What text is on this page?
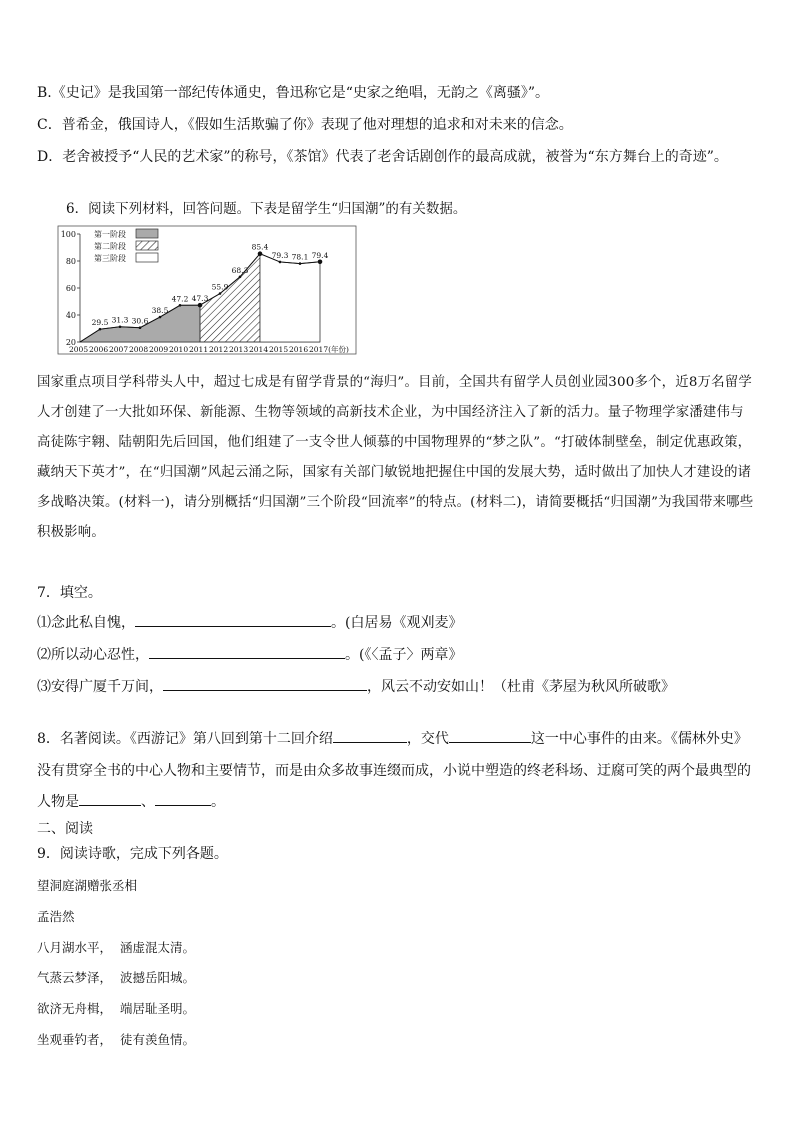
B.《史记》是我国第一部纪传体通史，鲁迅称它是“史家之绝唱，无韵之《离骚》”。
C．普希金，俄国诗人，《假如生活欺骗了你》表现了他对理想的追求和对未来的信念。
D．老舍被授予“人民的艺术家”的称号，《茶馆》代表了老舍话剧创作的最高成就，被誉为“东方舞台上的奇迹”。
6．阅读下列材料，回答问题。下表是留学生“归国潮”的有关数据。
20
40
60
80
100
29.5 31.3 30.6
38.5
47.2 47.3
55.9
68.3
85.4
79.3 78.1 79.4
2005 2006 2007 2008 2009 2010 2011 2012 2013 2014 2015 2016 2017(年份)
第一阶段
第二阶段
第三阶段
国家重点项目学科带头人中，超过七成是有留学背景的“海归”。目前，全国共有留学人员创业园300多个，近8万名留学人才创建了一大批如环保、新能源、生物等领域的高新技术企业，为中国经济注入了新的活力。量子物理学家潘建伟与高徒陈宇翱、陆朝阳先后回国，他们组建了一支令世人倾慕的中国物理界的“梦之队”。“打破体制壁垒，制定优惠政策，藏纳天下英才”，在“归国潮”风起云涌之际，国家有关部门敏锐地把握住中国的发展大势，适时做出了加快人才建设的诸多战略决策。(材料一)，请分别概括“归国潮”三个阶段“回流率”的特点。(材料二)，请简要概括“归国潮”为我国带来哪些积极影响。
7．填空。
⑴念此私自愧，	。(白居易《观刈麦》
⑵所以动心忍性，	。(《〈孟子〉两章》
⑶安得广厦千万间，	，风云不动安如山！（杜甫《茅屋为秋风所破歌》
8．名著阅读。《西游记》第八回到第十二回介绍	，交代	这一中心事件的由来。《儒林外史》
没有贯穿全书的中心人物和主要情节，而是由众多故事连缀而成，小说中塑造的终老科场、迂腐可笑的两个最典型的
人物是	、	。
二、阅读
9．阅读诗歌，完成下列各题。
望洞庭湖赠张丞相
孟浩然
八月湖水平，  涵虚混太清。
气蒸云梦泽，  波撼岳阳城。
欲济无舟楫，  端居耻圣明。
坐观垂钓者，  徒有羡鱼情。
